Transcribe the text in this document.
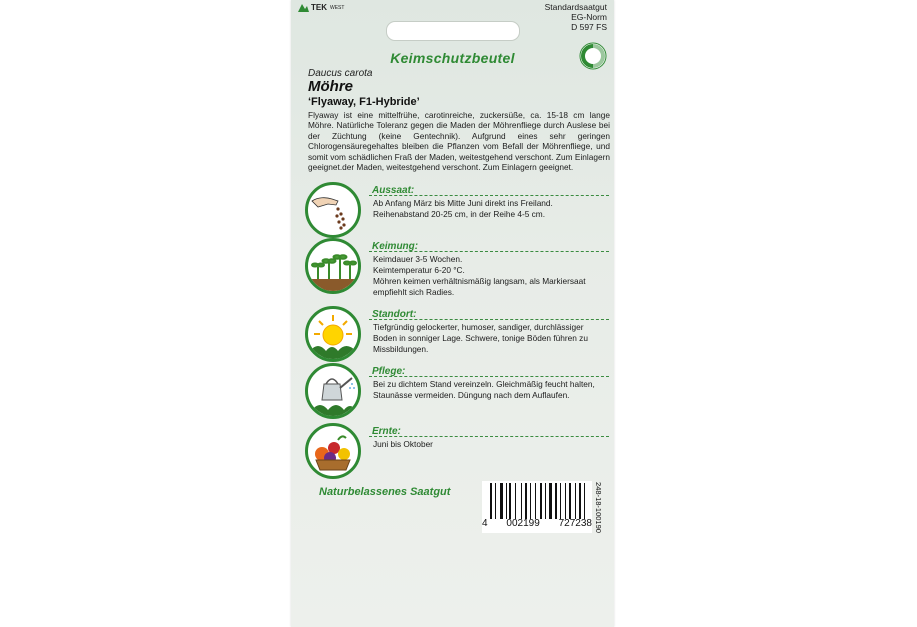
TEK WEST	Standardsaatgut
EG-Norm
D 597 FS
Keimschutzbeutel
Daucus carota
Möhre
‘Flyaway, F1-Hybride’
Flyaway ist eine mittelfrühe, carotinreiche, zuckersüße, ca. 15-18 cm lange Möhre. Natürliche Toleranz gegen die Maden der Möhrenfliege durch Auslese bei der Züchtung (keine Gentechnik). Aufgrund eines sehr geringen Chlorogensäuregehaltes bleiben die Pflanzen vom Befall der Möhrenfliege, und somit vom schädlichen Fraß der Maden, weitestgehend verschont. Zum Einlagern geeignet.der Maden, weitestgehend verschont. Zum Einlagern geeignet.
Aussaat:
Ab Anfang März bis Mitte Juni direkt ins Freiland. Reihenabstand 20-25 cm, in der Reihe 4-5 cm.
Keimung:
Keimdauer 3-5 Wochen.
Keimtemperatur 6-20 °C.
Möhren keimen verhältnismäßig langsam, als Markiersaat empfiehlt sich Radies.
Standort:
Tiefgründig gelockerter, humoser, sandiger, durchlässiger Boden in sonniger Lage. Schwere, tonige Böden führen zu Missbildungen.
Pflege:
Bei zu dichtem Stand vereinzeln. Gleichmäßig feucht halten, Staunässe vermeiden. Düngung nach dem Auflaufen.
Ernte:
Juni bis Oktober
Naturbelassenes Saatgut
4 002199 727238 248-18-100190
